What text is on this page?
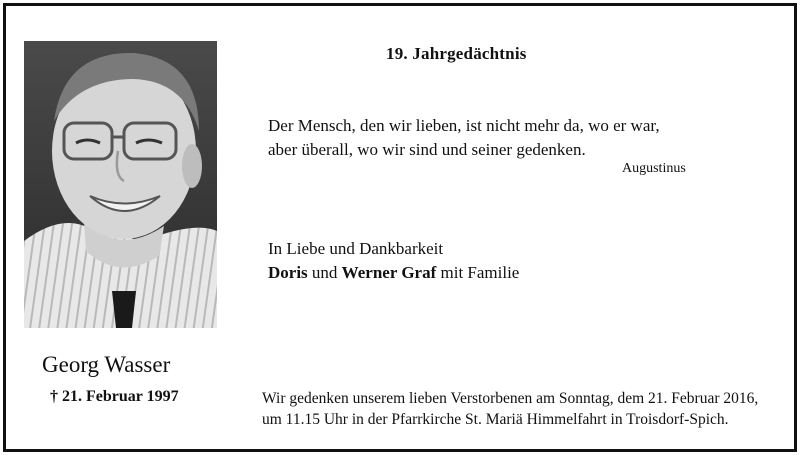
19. Jahrgedächtnis
Der Mensch, den wir lieben, ist nicht mehr da, wo er war,
aber überall, wo wir sind und seiner gedenken.
Augustinus
In Liebe und Dankbarkeit
Doris und Werner Graf mit Familie
Georg Wasser
† 21. Februar 1997	Wir gedenken unserem lieben Verstorbenen am Sonntag, dem 21. Februar 2016,
um 11.15 Uhr in der Pfarrkirche St. Mariä Himmelfahrt in Troisdorf-Spich.
